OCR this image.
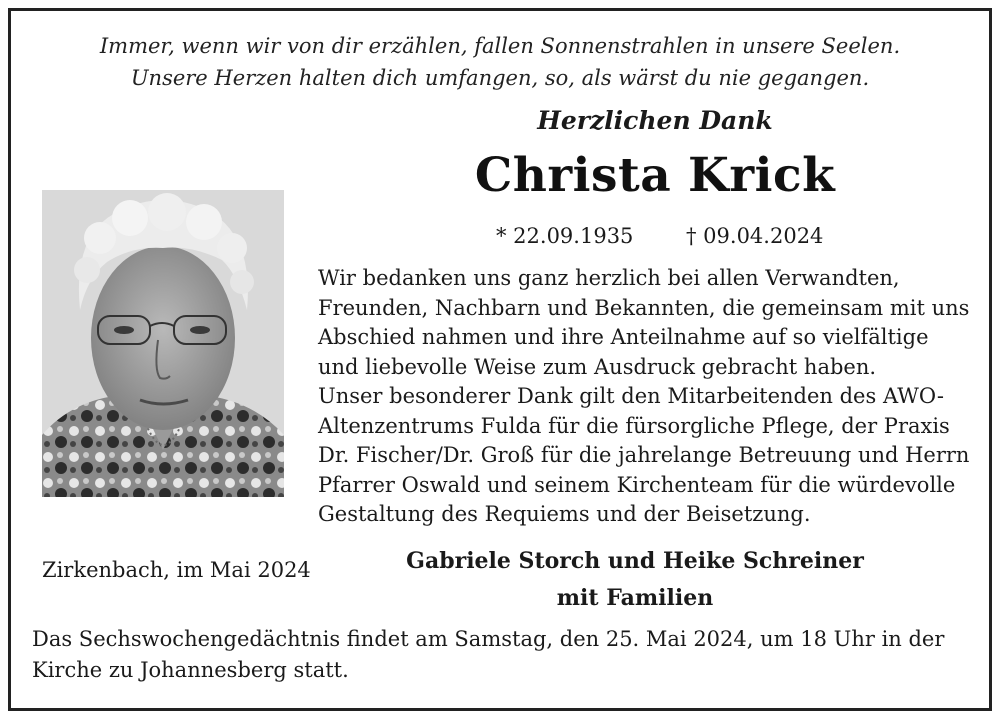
Immer, wenn wir von dir erzählen, fallen Sonnenstrahlen in unsere Seelen.
Unsere Herzen halten dich umfangen, so, als wärst du nie gegangen.
Herzlichen Dank
Christa Krick
* 22.09.1935	† 09.04.2024
Wir bedanken uns ganz herzlich bei allen Verwandten,
Freunden, Nachbarn und Bekannten, die gemeinsam mit uns
Abschied nahmen und ihre Anteilnahme auf so vielfältige
und liebevolle Weise zum Ausdruck gebracht haben.
Unser besonderer Dank gilt den Mitarbeitenden des AWO-
Altenzentrums Fulda für die fürsorgliche Pflege, der Praxis
Dr. Fischer/Dr. Groß für die jahrelange Betreuung und Herrn
Pfarrer Oswald und seinem Kirchenteam für die würdevolle
Gestaltung des Requiems und der Beisetzung.
Zirkenbach, im Mai 2024	Gabriele Storch und Heike Schreiner
mit Familien
Das Sechswochengedächtnis findet am Samstag, den 25. Mai 2024, um 18 Uhr in der
Kirche zu Johannesberg statt.
